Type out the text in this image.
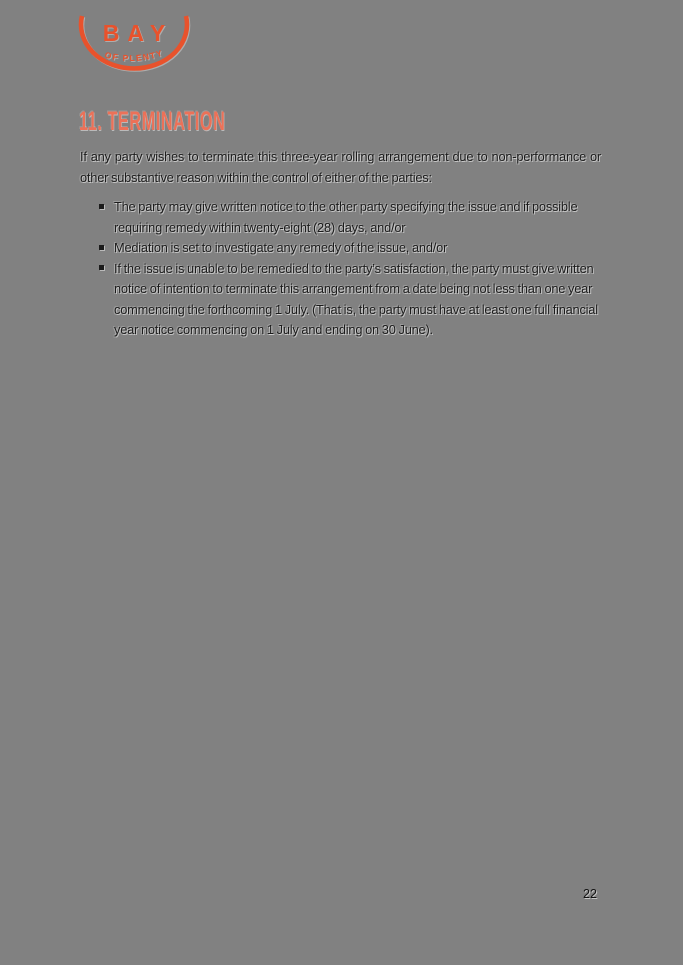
BAY
OF PLENTY
11. TERMINATION

If any party wishes to terminate this three-year rolling arrangement due to non-performance or other substantive reason within the control of either of the parties:

The party may give written notice to the other party specifying the issue and if possible requiring remedy within twenty-eight (28) days, and/or
Mediation is set to investigate any remedy of the issue, and/or
If the issue is unable to be remedied to the party’s satisfaction, the party must give written notice of intention to terminate this arrangement from a date being not less than one year commencing the forthcoming 1 July. (That is, the party must have at least one full financial year notice commencing on 1 July and ending on 30 June).
22
